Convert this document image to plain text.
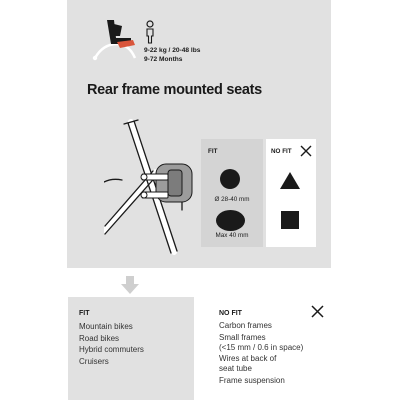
9-22 kg / 20-48 lbs
9-72 Months
Rear frame mounted seats
FIT
Ø 28-40 mm
Max 40 mm
NO FIT
FIT
Mountain bikes
Road bikes
Hybrid commuters
Cruisers
NO FIT
Carbon frames
Small frames
(<15 mm / 0.6 in space)
Wires at back of
seat tube
Frame suspension
